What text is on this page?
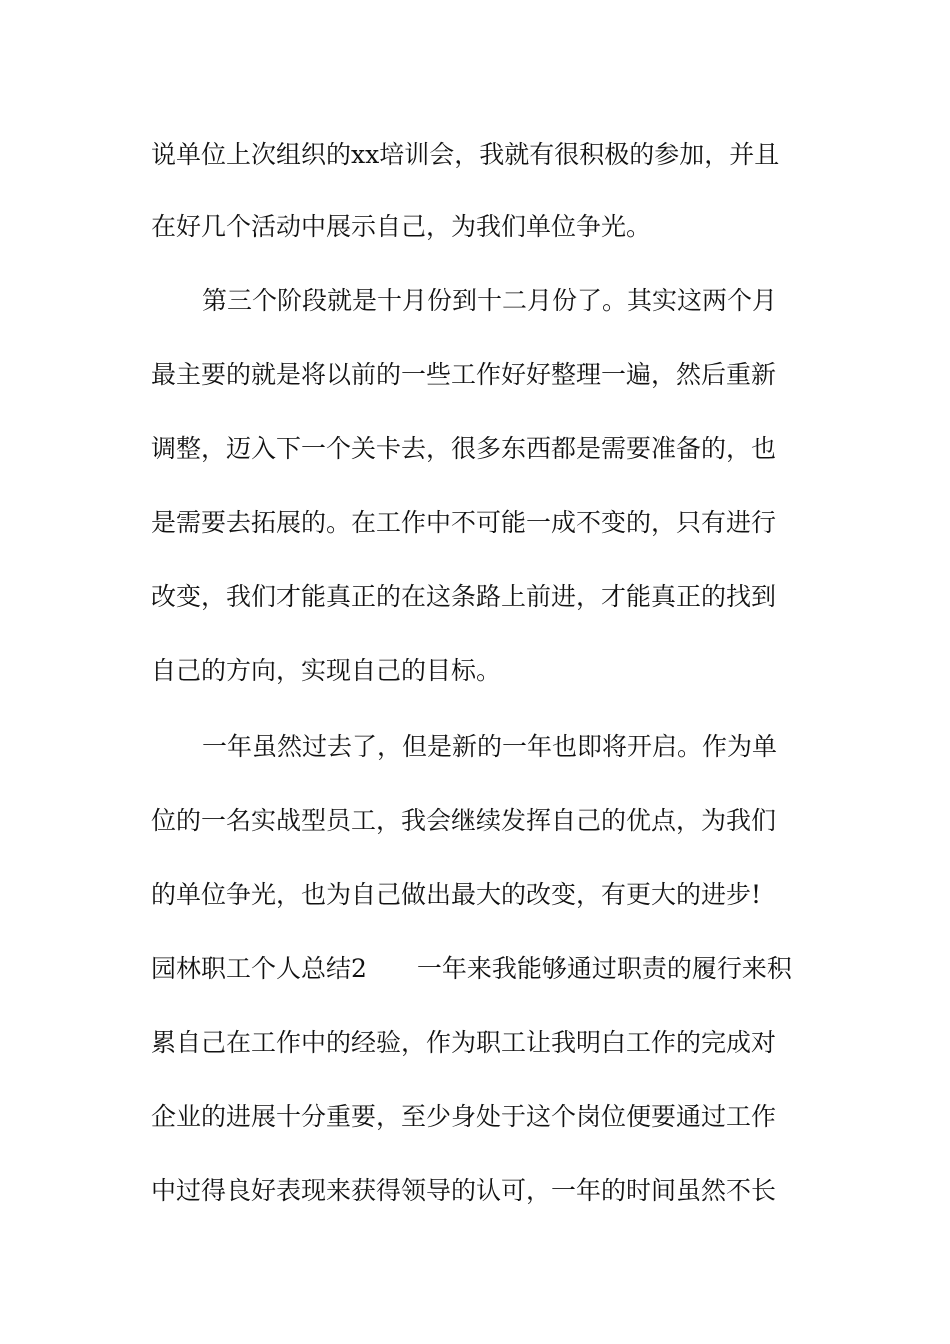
说单位上次组织的xx培训会，我就有很积极的参加，并且
在好几个活动中展示自己，为我们单位争光。
第三个阶段就是十月份到十二月份了。其实这两个月
最主要的就是将以前的一些工作好好整理一遍，然后重新
调整，迈入下一个关卡去，很多东西都是需要准备的，也
是需要去拓展的。在工作中不可能一成不变的，只有进行
改变，我们才能真正的在这条路上前进，才能真正的找到
自己的方向，实现自己的目标。
一年虽然过去了，但是新的一年也即将开启。作为单
位的一名实战型员工，我会继续发挥自己的优点，为我们
的单位争光，也为自己做出最大的改变，有更大的进步!
园林职工个人总结2 一年来我能够通过职责的履行来积
累自己在工作中的经验，作为职工让我明白工作的完成对
企业的进展十分重要，至少身处于这个岗位便要通过工作
中过得良好表现来获得领导的认可，一年的时间虽然不长
